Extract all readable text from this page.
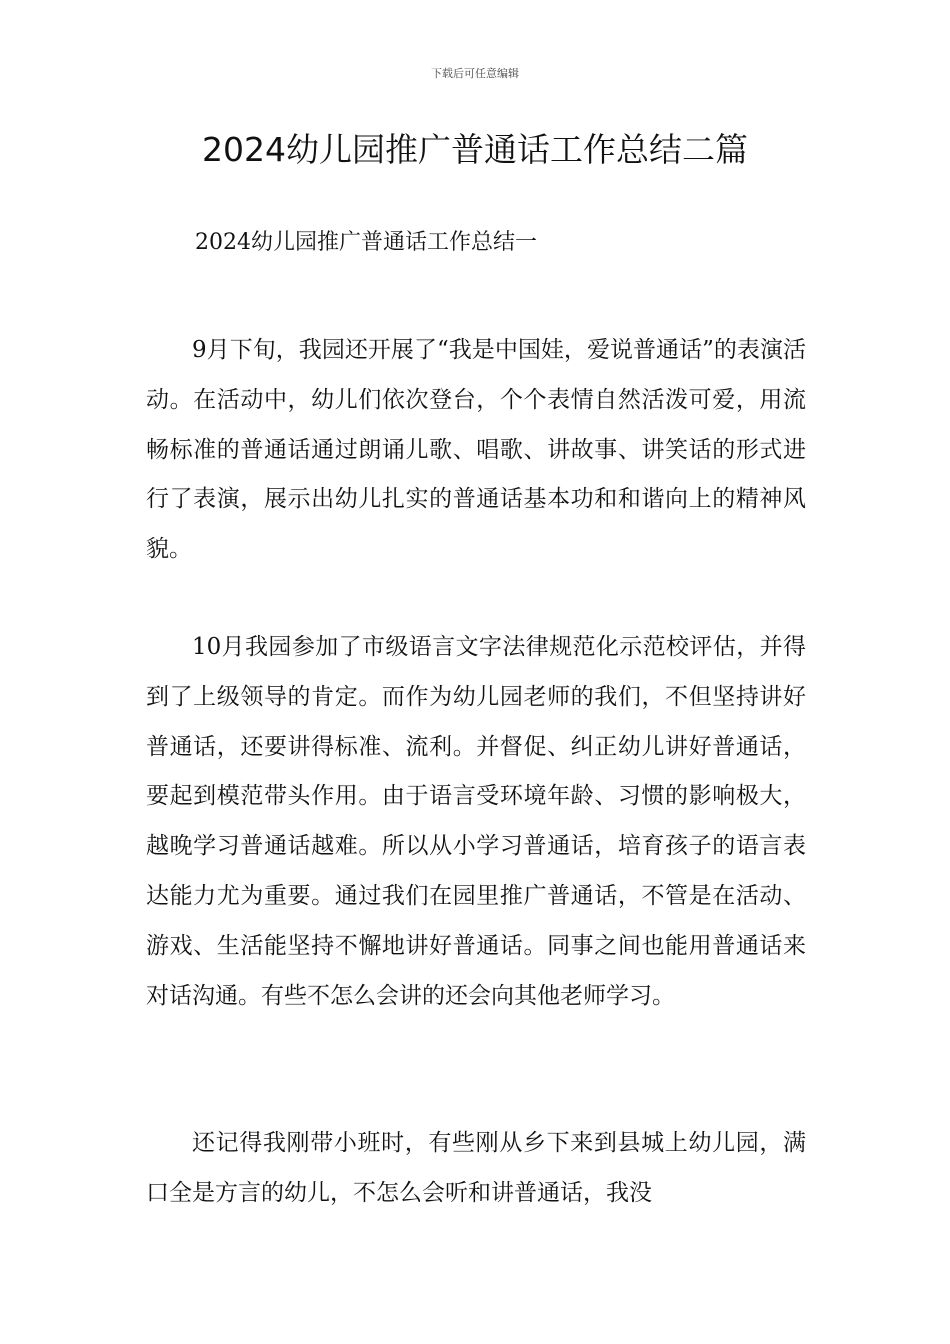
下载后可任意编辑
2024幼儿园推广普通话工作总结二篇

2024幼儿园推广普通话工作总结一

9月下旬，我园还开展了“我是中国娃，爱说普通话”的表演活动。在活动中，幼儿们依次登台，个个表情自然活泼可爱，用流畅标准的普通话通过朗诵儿歌、唱歌、讲故事、讲笑话的形式进行了表演，展示出幼儿扎实的普通话基本功和和谐向上的精神风貌。

10月我园参加了市级语言文字法律规范化示范校评估，并得到了上级领导的肯定。而作为幼儿园老师的我们，不但坚持讲好普通话，还要讲得标准、流利。并督促、纠正幼儿讲好普通话，要起到模范带头作用。由于语言受环境年龄、习惯的影响极大，越晚学习普通话越难。所以从小学习普通话，培育孩子的语言表达能力尤为重要。通过我们在园里推广普通话，不管是在活动、游戏、生活能坚持不懈地讲好普通话。同事之间也能用普通话来对话沟通。有些不怎么会讲的还会向其他老师学习。

还记得我刚带小班时，有些刚从乡下来到县城上幼儿园，满口全是方言的幼儿，不怎么会听和讲普通话，我没
